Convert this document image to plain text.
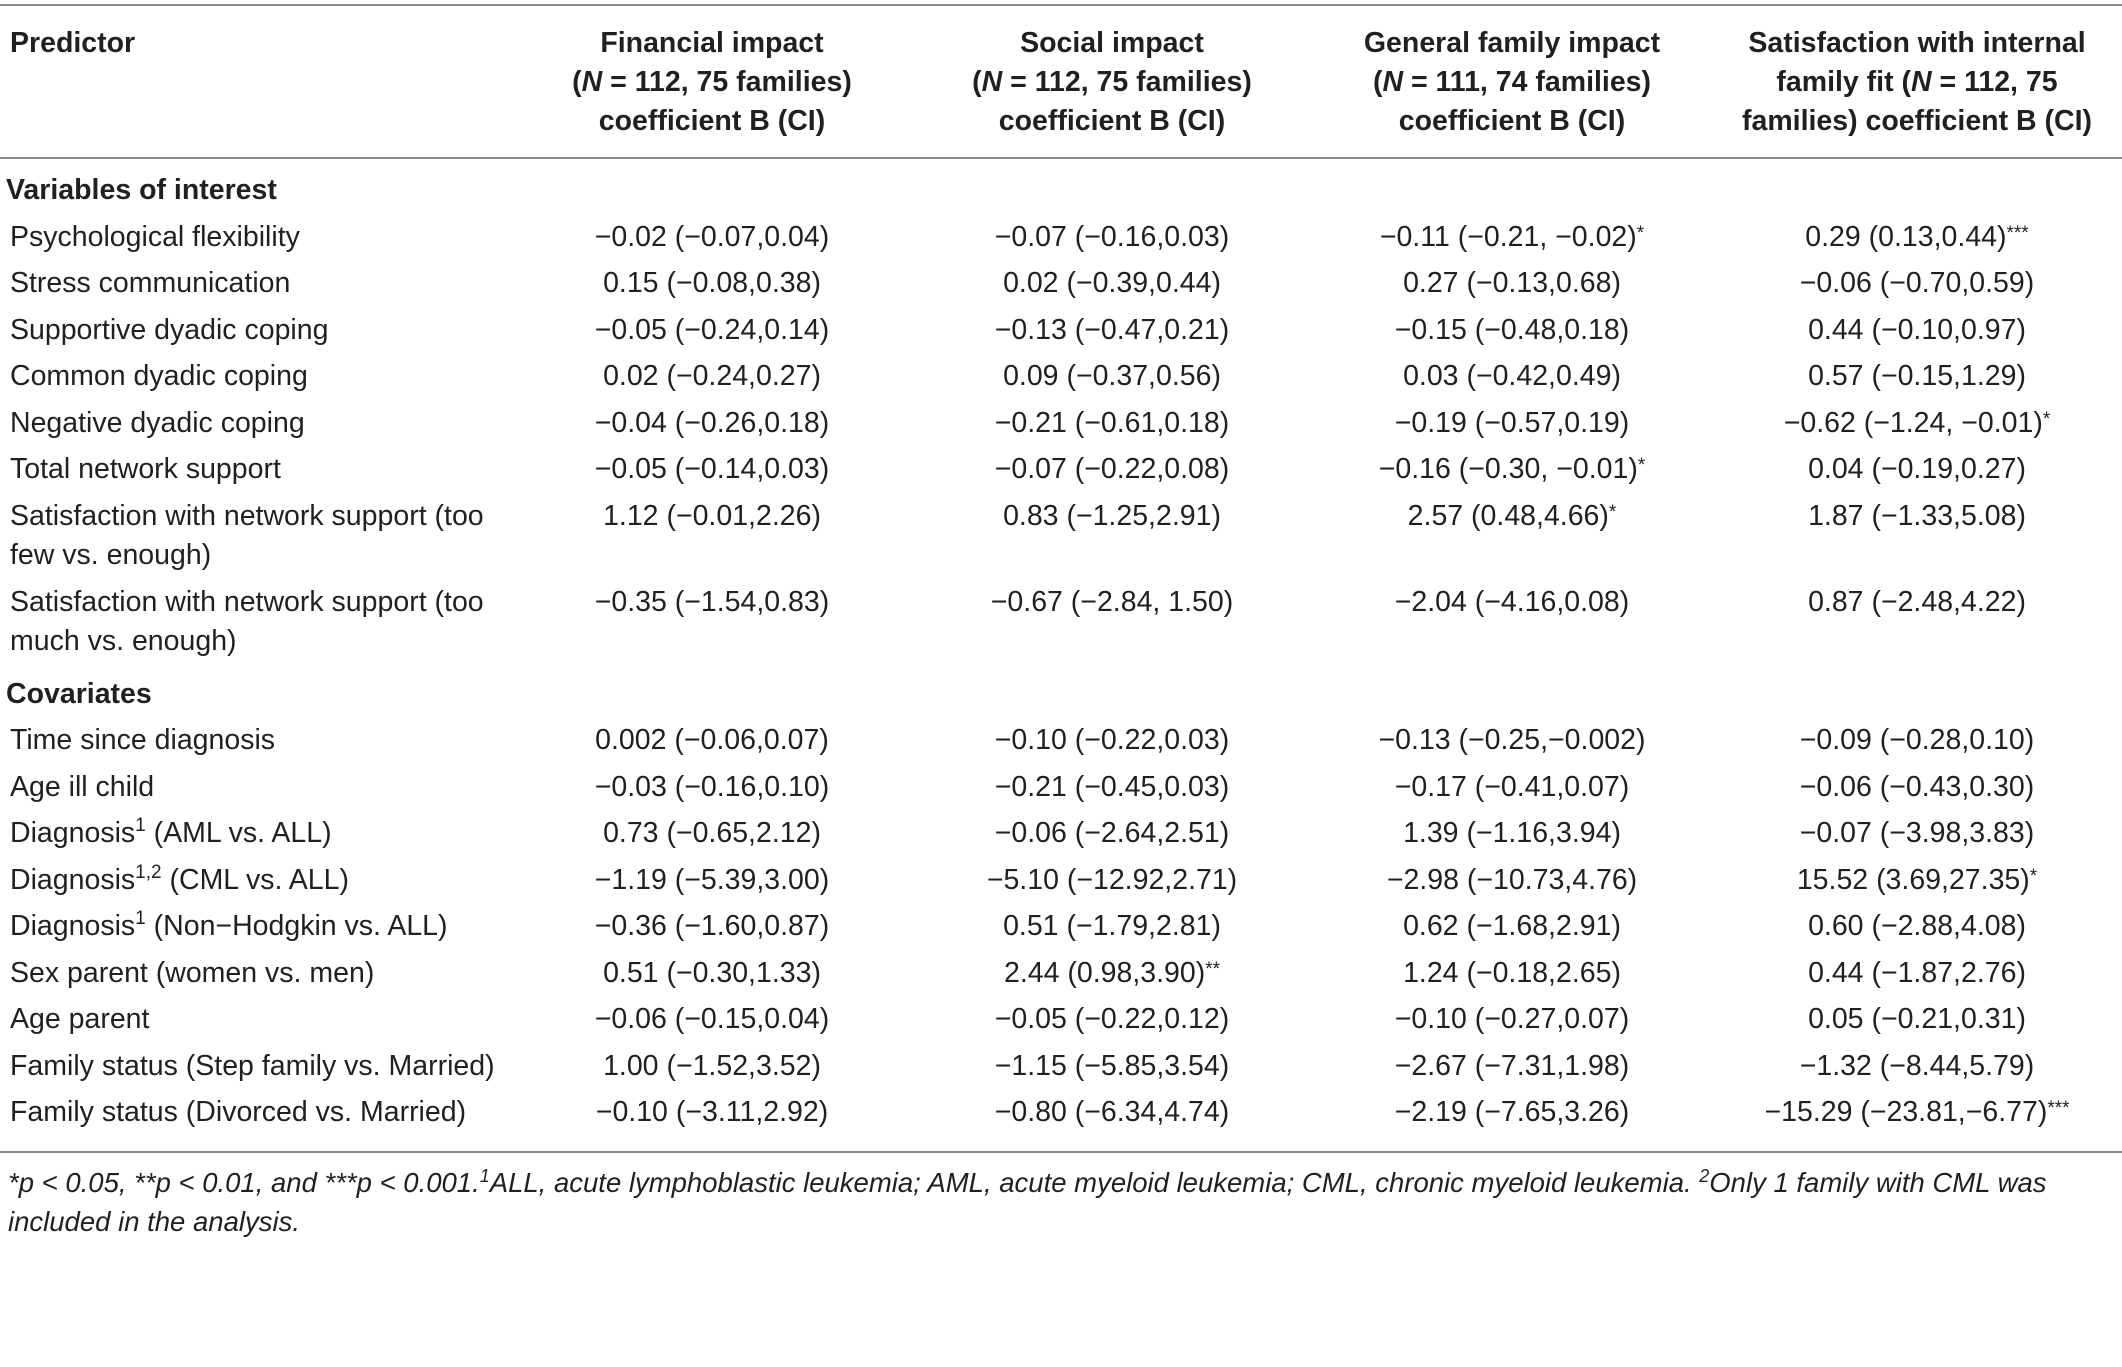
Predictor	Financial impact
(N = 112, 75 families)
coefficient B (CI)	Social impact
(N = 112, 75 families)
coefficient B (CI)	General family impact
(N = 111, 74 families)
coefficient B (CI)	Satisfaction with internal
family fit (N = 112, 75
families) coefficient B (CI)
Variables of interest				
Psychological flexibility	−0.02 (−0.07,0.04)	−0.07 (−0.16,0.03)	−0.11 (−0.21, −0.02)*	0.29 (0.13,0.44)***
Stress communication	0.15 (−0.08,0.38)	0.02 (−0.39,0.44)	0.27 (−0.13,0.68)	−0.06 (−0.70,0.59)
Supportive dyadic coping	−0.05 (−0.24,0.14)	−0.13 (−0.47,0.21)	−0.15 (−0.48,0.18)	0.44 (−0.10,0.97)
Common dyadic coping	0.02 (−0.24,0.27)	0.09 (−0.37,0.56)	0.03 (−0.42,0.49)	0.57 (−0.15,1.29)
Negative dyadic coping	−0.04 (−0.26,0.18)	−0.21 (−0.61,0.18)	−0.19 (−0.57,0.19)	−0.62 (−1.24, −0.01)*
Total network support	−0.05 (−0.14,0.03)	−0.07 (−0.22,0.08)	−0.16 (−0.30, −0.01)*	0.04 (−0.19,0.27)
Satisfaction with network support (too few vs. enough)	1.12 (−0.01,2.26)	0.83 (−1.25,2.91)	2.57 (0.48,4.66)*	1.87 (−1.33,5.08)
Satisfaction with network support (too much vs. enough)	−0.35 (−1.54,0.83)	−0.67 (−2.84, 1.50)	−2.04 (−4.16,0.08)	0.87 (−2.48,4.22)
Covariates				
Time since diagnosis	0.002 (−0.06,0.07)	−0.10 (−0.22,0.03)	−0.13 (−0.25,−0.002)	−0.09 (−0.28,0.10)
Age ill child	−0.03 (−0.16,0.10)	−0.21 (−0.45,0.03)	−0.17 (−0.41,0.07)	−0.06 (−0.43,0.30)
Diagnosis$^1$ (AML vs. ALL)	0.73 (−0.65,2.12)	−0.06 (−2.64,2.51)	1.39 (−1.16,3.94)	−0.07 (−3.98,3.83)
Diagnosis$^{1,2}$ (CML vs. ALL)	−1.19 (−5.39,3.00)	−5.10 (−12.92,2.71)	−2.98 (−10.73,4.76)	15.52 (3.69,27.35)*
Diagnosis$^1$ (Non−Hodgkin vs. ALL)	−0.36 (−1.60,0.87)	0.51 (−1.79,2.81)	0.62 (−1.68,2.91)	0.60 (−2.88,4.08)
Sex parent (women vs. men)	0.51 (−0.30,1.33)	2.44 (0.98,3.90)**	1.24 (−0.18,2.65)	0.44 (−1.87,2.76)
Age parent	−0.06 (−0.15,0.04)	−0.05 (−0.22,0.12)	−0.10 (−0.27,0.07)	0.05 (−0.21,0.31)
Family status (Step family vs. Married)	1.00 (−1.52,3.52)	−1.15 (−5.85,3.54)	−2.67 (−7.31,1.98)	−1.32 (−8.44,5.79)
Family status (Divorced vs. Married)	−0.10 (−3.11,2.92)	−0.80 (−6.34,4.74)	−2.19 (−7.65,3.26)	−15.29 (−23.81,−6.77)***
*p < 0.05, **p < 0.01, and ***p < 0.001.$^1$ALL, acute lymphoblastic leukemia; AML, acute myeloid leukemia; CML, chronic myeloid leukemia. $^2$Only 1 family with CML was included in the analysis.
